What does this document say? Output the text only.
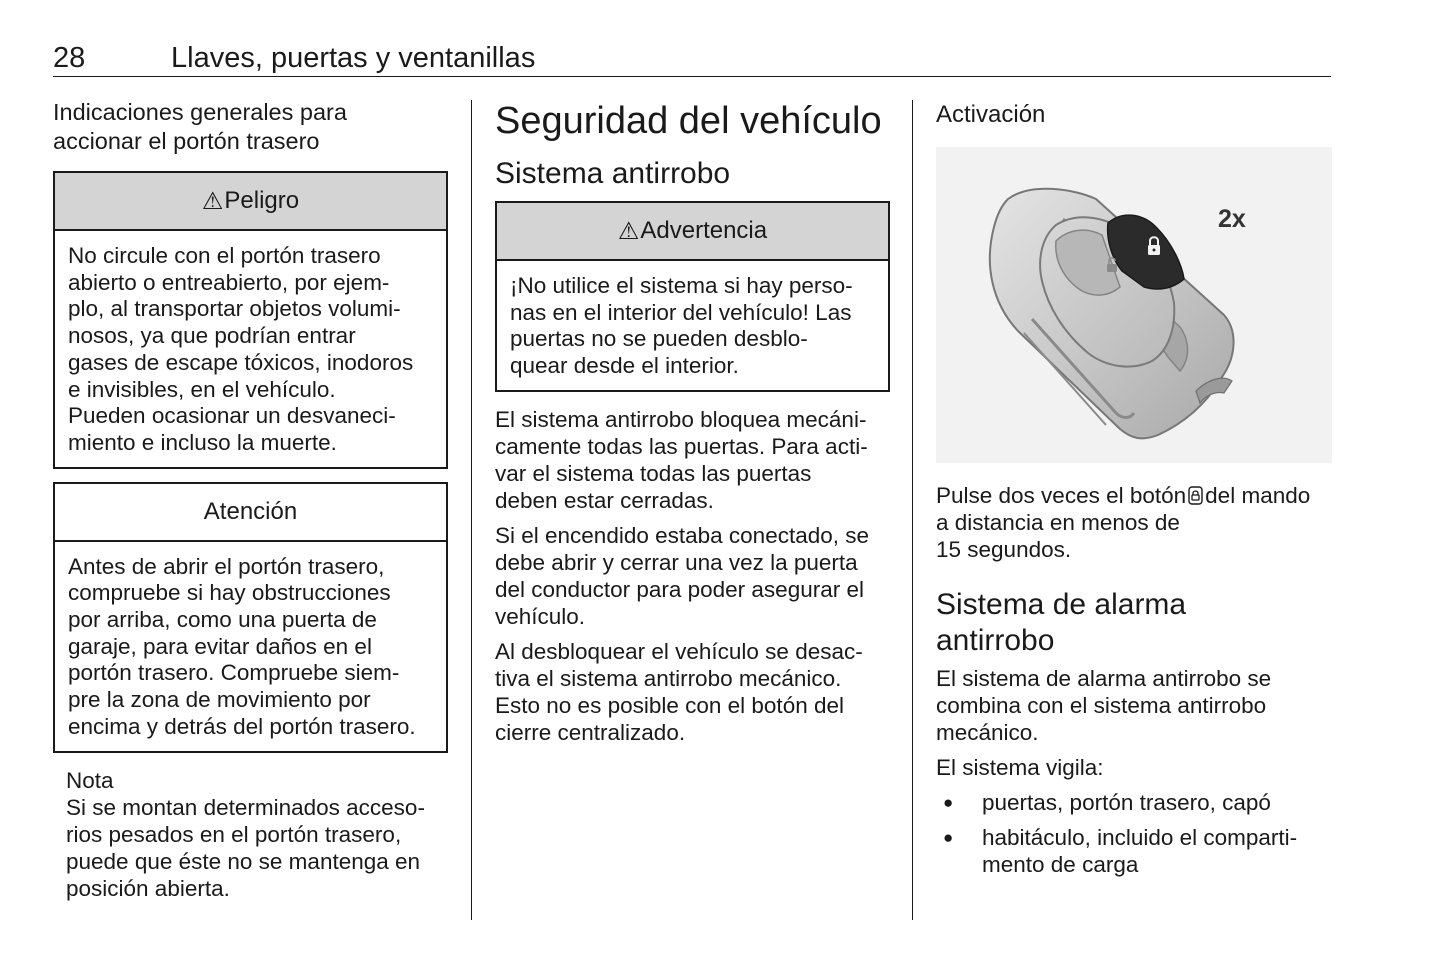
28	Llaves, puertas y ventanillas

Indicaciones generales para
accionar el portón trasero

⚠ Peligro
No circule con el portón trasero
abierto o entreabierto, por ejem-
plo, al transportar objetos volumi-
nosos, ya que podrían entrar
gases de escape tóxicos, inodoros
e invisibles, en el vehículo.
Pueden ocasionar un desvaneci-
miento e incluso la muerte.
Atención
Antes de abrir el portón trasero,
compruebe si hay obstrucciones
por arriba, como una puerta de
garaje, para evitar daños en el
portón trasero. Compruebe siem-
pre la zona de movimiento por
encima y detrás del portón trasero.

Nota

Si se montan determinados acceso-
rios pesados en el portón trasero,
puede que éste no se mantenga en
posición abierta.

Seguridad del vehículo
Sistema antirrobo
⚠ Advertencia
¡No utilice el sistema si hay perso-
nas en el interior del vehículo! Las
puertas no se pueden desblo-
quear desde el interior.

El sistema antirrobo bloquea mecáni-
camente todas las puertas. Para acti-
var el sistema todas las puertas
deben estar cerradas.

Si el encendido estaba conectado, se
debe abrir y cerrar una vez la puerta
del conductor para poder asegurar el
vehículo.

Al desbloquear el vehículo se desac-
tiva el sistema antirrobo mecánico.
Esto no es posible con el botón del
cierre centralizado.

Activación

2x

Pulse dos veces el botón del mando
a distancia en menos de
15 segundos.

Sistema de alarma
antirrobo

El sistema de alarma antirrobo se
combina con el sistema antirrobo
mecánico.

El sistema vigila:

● puertas, portón trasero, capó
● habitáculo, incluido el comparti-
mento de carga
